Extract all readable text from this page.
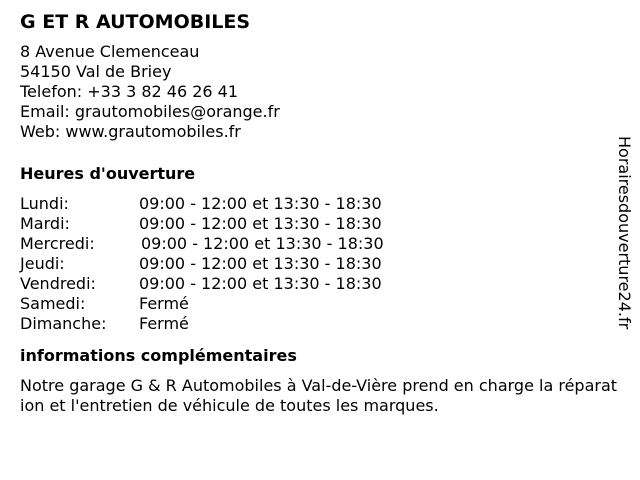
G ET R AUTOMOBILES
8 Avenue Clemenceau
54150 Val de Briey
Telefon: +33 3 82 46 26 41
Email: grautomobiles@orange.fr
Web: www.grautomobiles.fr
Heures d'ouverture
Lundi:	09:00 - 12:00 et 13:30 - 18:30
Mardi:	09:00 - 12:00 et 13:30 - 18:30
Mercredi:	09:00 - 12:00 et 13:30 - 18:30
Jeudi:	09:00 - 12:00 et 13:30 - 18:30
Vendredi:	09:00 - 12:00 et 13:30 - 18:30
Samedi:	Fermé
Dimanche:	Fermé
informations complémentaires
Notre garage G & R Automobiles à Val-de-Vière prend en charge la réparation et l'entretien de véhicule de toutes les marques.
Horairesdouverture24.fr
